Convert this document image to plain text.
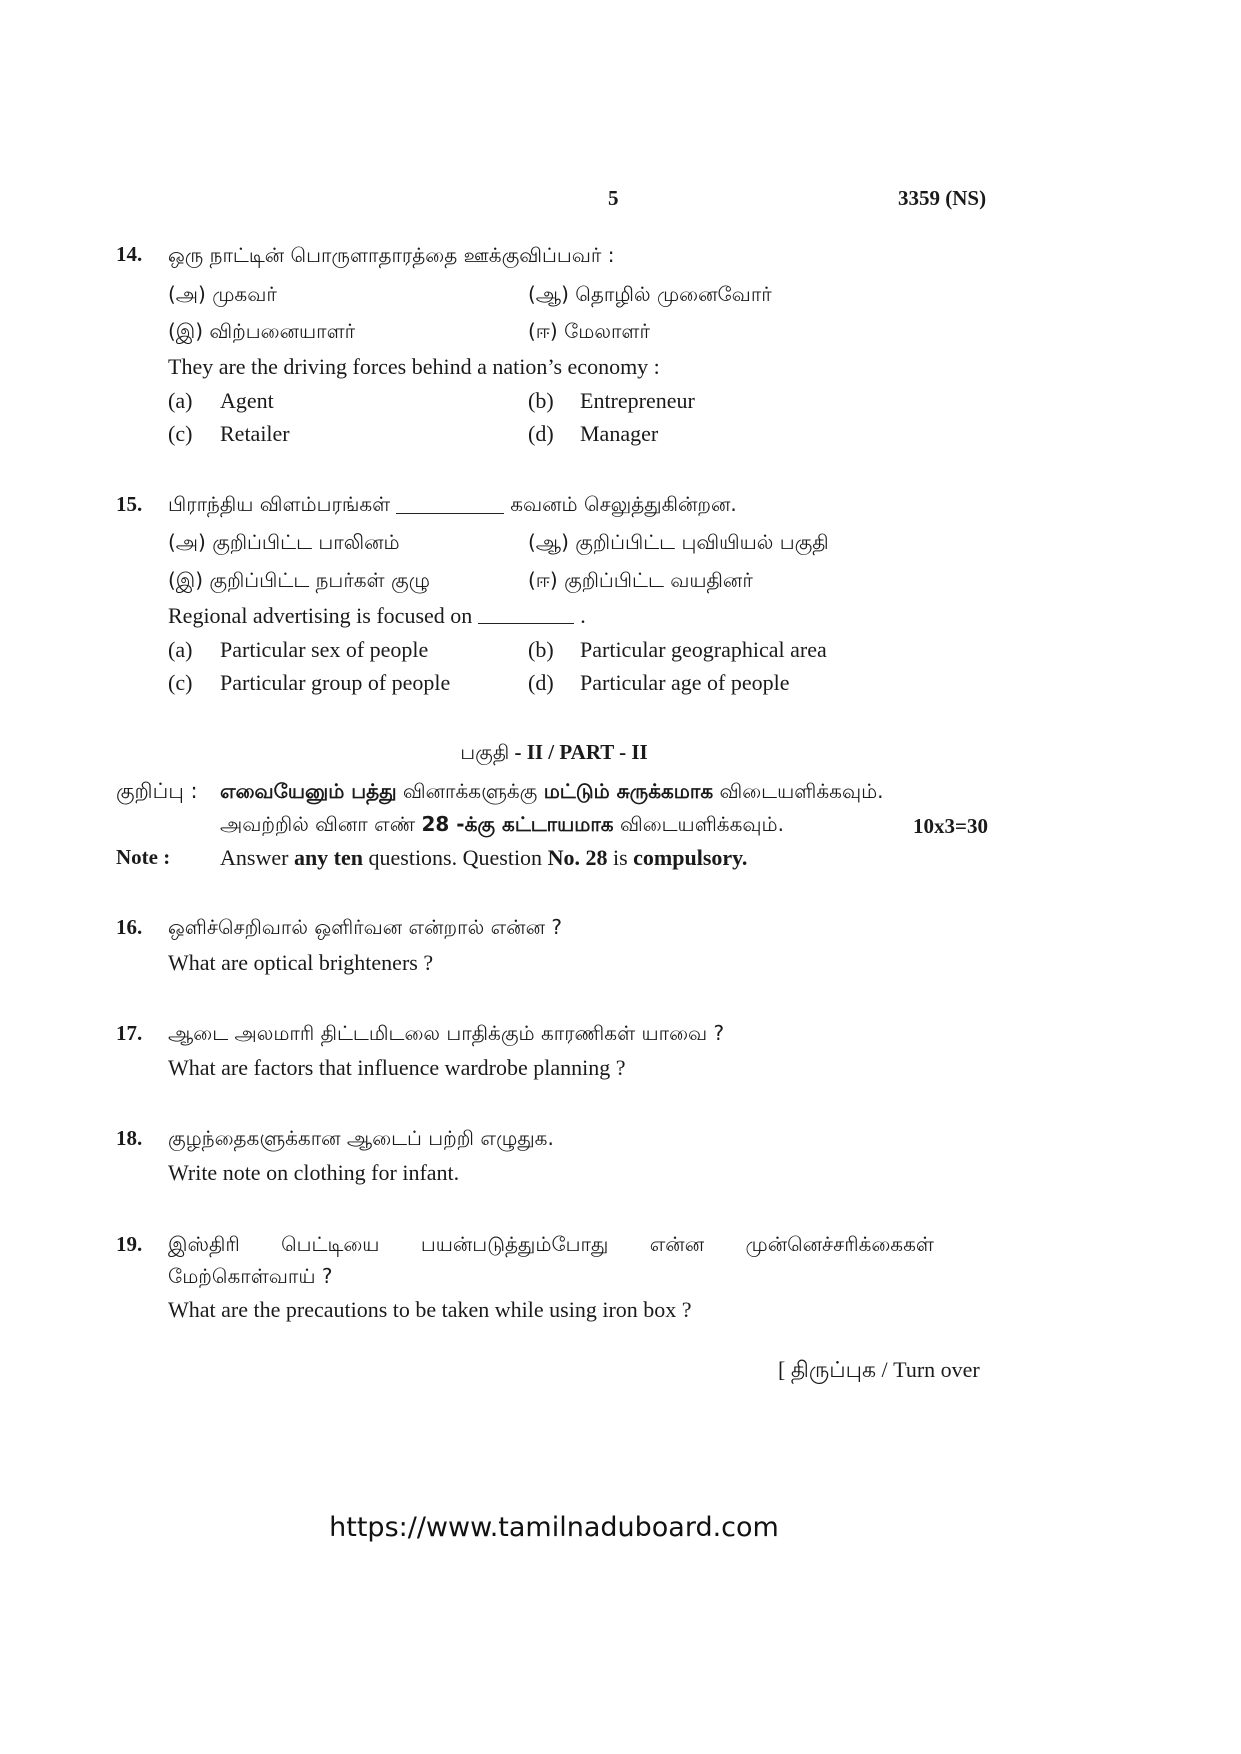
5	3359 (NS)
14. ஒரு நாட்டின் பொருளாதாரத்தை ஊக்குவிப்பவர் :
(அ) முகவர்	(ஆ) தொழில் முனைவோர்
(இ) விற்பனையாளர்	(ஈ) மேலாளர்
They are the driving forces behind a nation’s economy :
(a) Agent	(b) Entrepreneur
(c) Retailer	(d) Manager
15. பிராந்திய விளம்பரங்கள்	கவனம் செலுத்துகின்றன.
(அ) குறிப்பிட்ட பாலினம்	(ஆ) குறிப்பிட்ட புவியியல் பகுதி
(இ) குறிப்பிட்ட நபர்கள் குழு	(ஈ) குறிப்பிட்ட வயதினர்
Regional advertising is focused on	.
(a) Particular sex of people	(b) Particular geographical area
(c) Particular group of people	(d) Particular age of people
பகுதி - II / PART - II
குறிப்பு : எவையேனும் பத்து வினாக்களுக்கு மட்டும் சுருக்கமாக விடையளிக்கவும்.
அவற்றில் வினா எண் 28 -க்கு கட்டாயமாக விடையளிக்கவும்.	10x3=30
Note : Answer any ten questions. Question No. 28 is compulsory.
16. ஒளிச்செறிவால் ஒளிர்வன என்றால் என்ன ?
What are optical brighteners ?
17. ஆடை அலமாரி திட்டமிடலை பாதிக்கும் காரணிகள் யாவை ?
What are factors that influence wardrobe planning ?
18. குழந்தைகளுக்கான ஆடைப் பற்றி எழுதுக.
Write note on clothing for infant.
19. இஸ்திரி பெட்டியை பயன்படுத்தும்போது என்ன முன்னெச்சரிக்கைகள்
மேற்கொள்வாய் ?
What are the precautions to be taken while using iron box ?
[ திருப்புக / Turn over
https://www.tamilnaduboard.com
